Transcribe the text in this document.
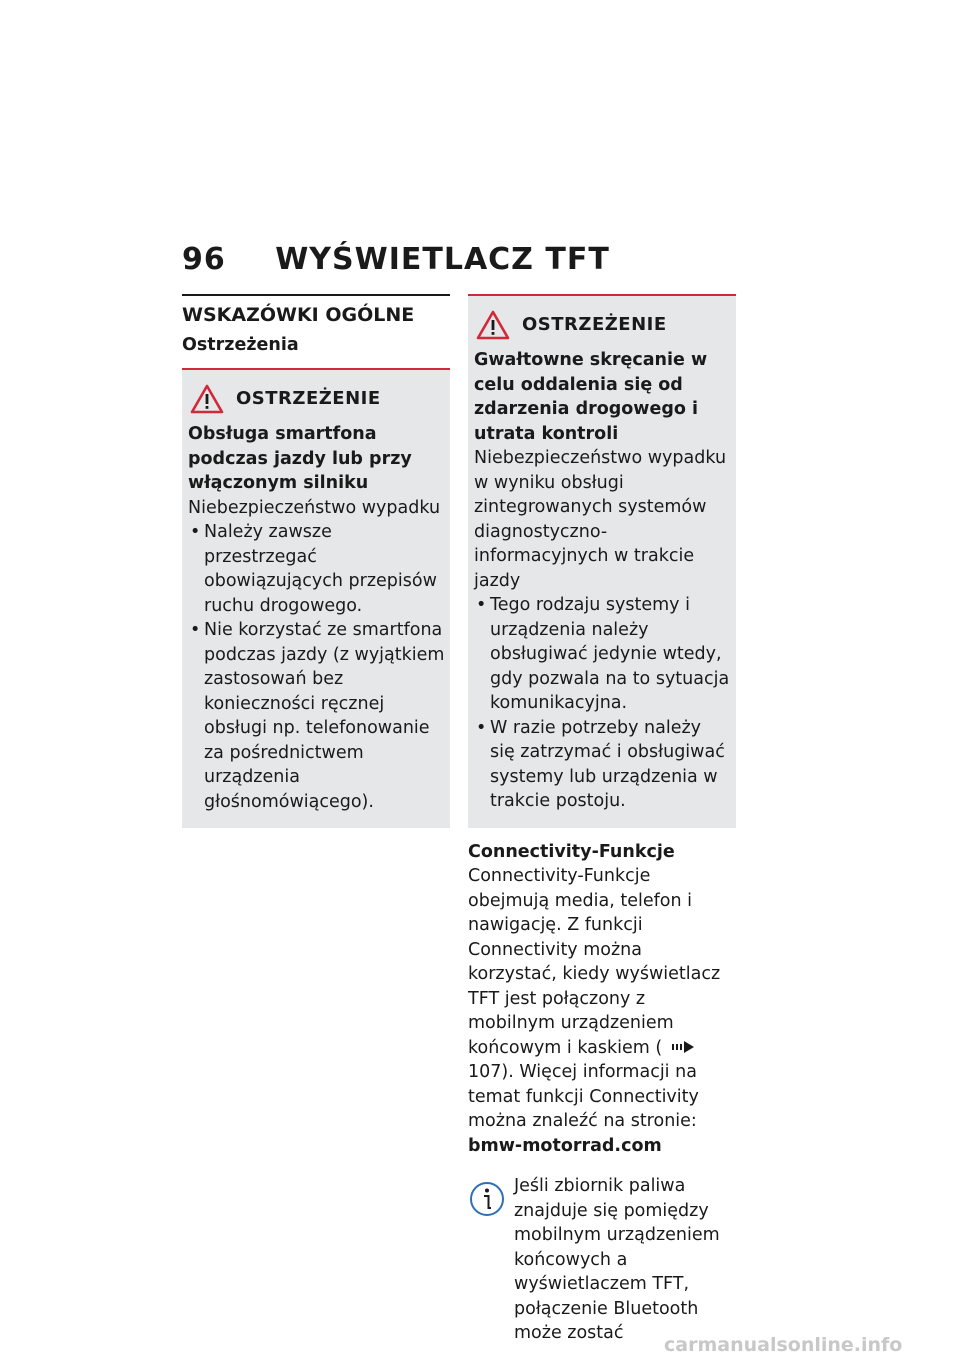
96 WYŚWIETLACZ TFT
WSKAZÓWKI OGÓLNE
Ostrzeżenia
OSTRZEŻENIE
Obsługa smartfona podczas jazdy lub przy włączonym silniku
Niebezpieczeństwo wypadku
• Należy zawsze przestrzegać obowiązujących przepisów ruchu drogowego.
• Nie korzystać ze smartfona podczas jazdy (z wyjątkiem zastosowań bez konieczności ręcznej obsługi np. telefonowanie za pośrednictwem urządzenia głośnomówiącego).
OSTRZEŻENIE
Gwałtowne skręcanie w celu oddalenia się od zdarzenia drogowego i utrata kontroli
Niebezpieczeństwo wypadku w wyniku obsługi zintegrowanych systemów diagnostyczno-informacyjnych w trakcie jazdy
• Tego rodzaju systemy i urządzenia należy obsługiwać jedynie wtedy, gdy pozwala na to sytuacja komunikacyjna.
• W razie potrzeby należy się zatrzymać i obsługiwać systemy lub urządzenia w trakcie postoju.
Connectivity-Funkcje
Connectivity-Funkcje obejmują media, telefon i nawigację. Z funkcji Connectivity można korzystać, kiedy wyświetlacz TFT jest połączony z mobilnym urządzeniem końcowym i kaskiem (107). Więcej informacji na temat funkcji Connectivity można znaleźć na stronie:
bmw-motorrad.com
Jeśli zbiornik paliwa znajduje się pomiędzy mobilnym urządzeniem końcowych a wyświetlaczem TFT, połączenie Bluetooth może zostać
carmanualsonline.info
